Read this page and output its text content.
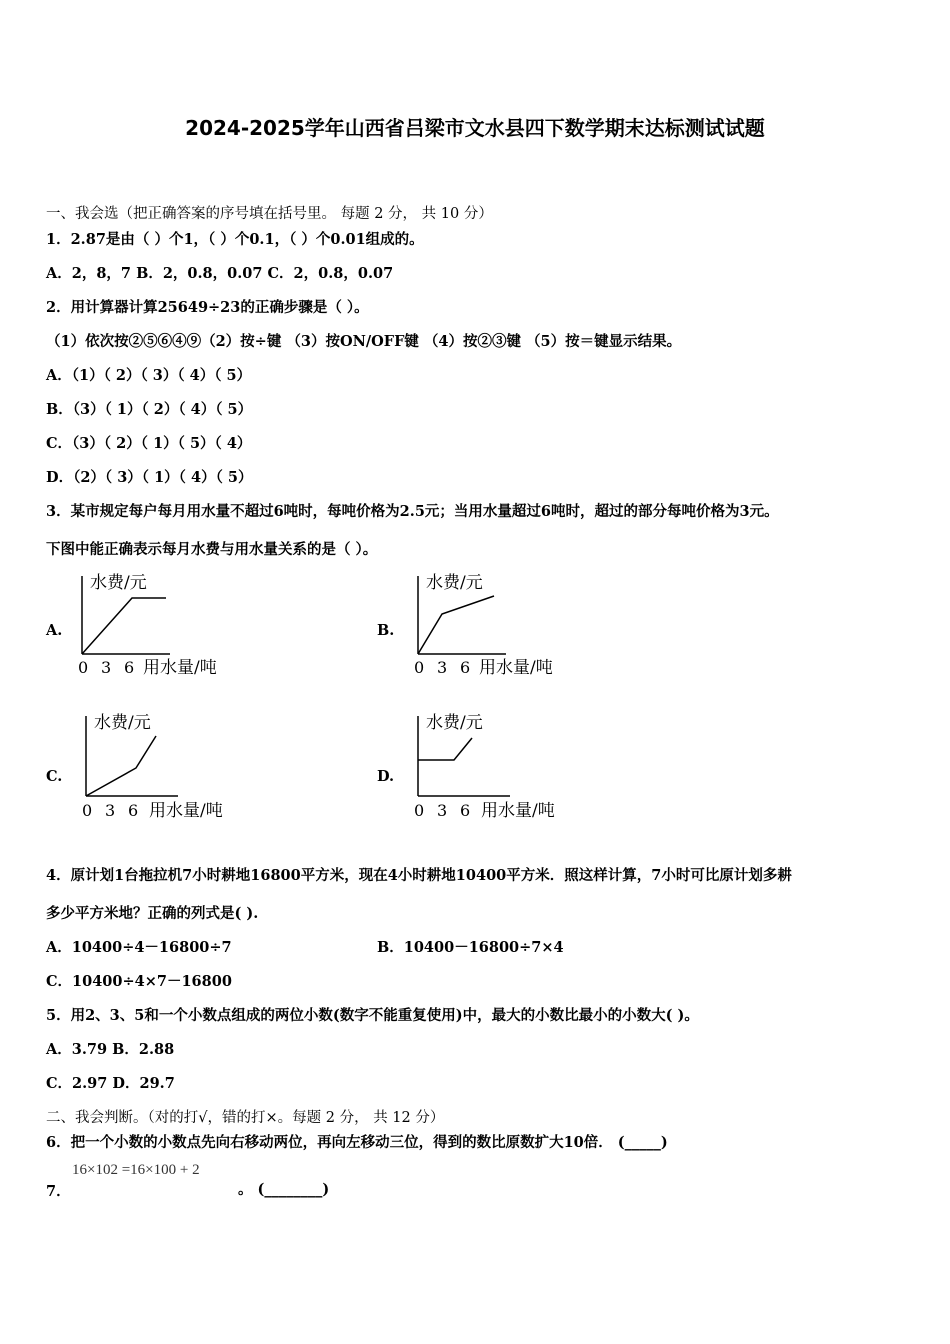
2024-2025学年山西省吕梁市文水县四下数学期末达标测试试题
一、我会选（把正确答案的序号填在括号里。 每题 2 分， 共 10 分）
1．2.87是由（ ）个1，（ ）个0.1，（ ）个0.01组成的。
A．2，8，7 B．2，0.8，0.07 C．2，0.8，0.07
2．用计算器计算25649÷23的正确步骤是（ ）。
（1）依次按②⑤⑥④⑨（2）按÷键 （3）按ON/OFF键 （4）按②③键 （5）按＝键显示结果。
A．（1）（ 2）（ 3）（ 4）（ 5）
B．（3）（ 1）（ 2）（ 4）（ 5）
C．（3）（ 2）（ 1）（ 5）（ 4）
D．（2）（ 3）（ 1）（ 4）（ 5）
3．某市规定每户每月用水量不超过6吨时，每吨价格为2.5元；当用水量超过6吨时，超过的部分每吨价格为3元。
下图中能正确表示每月水费与用水量关系的是（ ）。
A.
水费/元
0 3 6 用水量/吨
B.
水费/元
0 3 6 用水量/吨
C.
水费/元
0 3 6 用水量/吨
D.
水费/元
0 3 6 用水量/吨
4．原计划1台拖拉机7小时耕地16800平方米，现在4小时耕地10400平方米．照这样计算，7小时可比原计划多耕
多少平方米地？正确的列式是( ).
A．10400÷4－16800÷7	B．10400－16800÷7×4
C．10400÷4×7－16800
5．用2、3、5和一个小数点组成的两位小数(数字不能重复使用)中，最大的小数比最小的小数大( )。
A．3.79 B．2.88
C．2.97 D．29.7
二、我会判断。（对的打√，错的打×。每题 2 分， 共 12 分）
6．把一个小数的小数点先向右移动两位，再向左移动三位，得到的数比原数扩大10倍． (_____)
7．
16×102 =16×100 + 2
。 (________)
